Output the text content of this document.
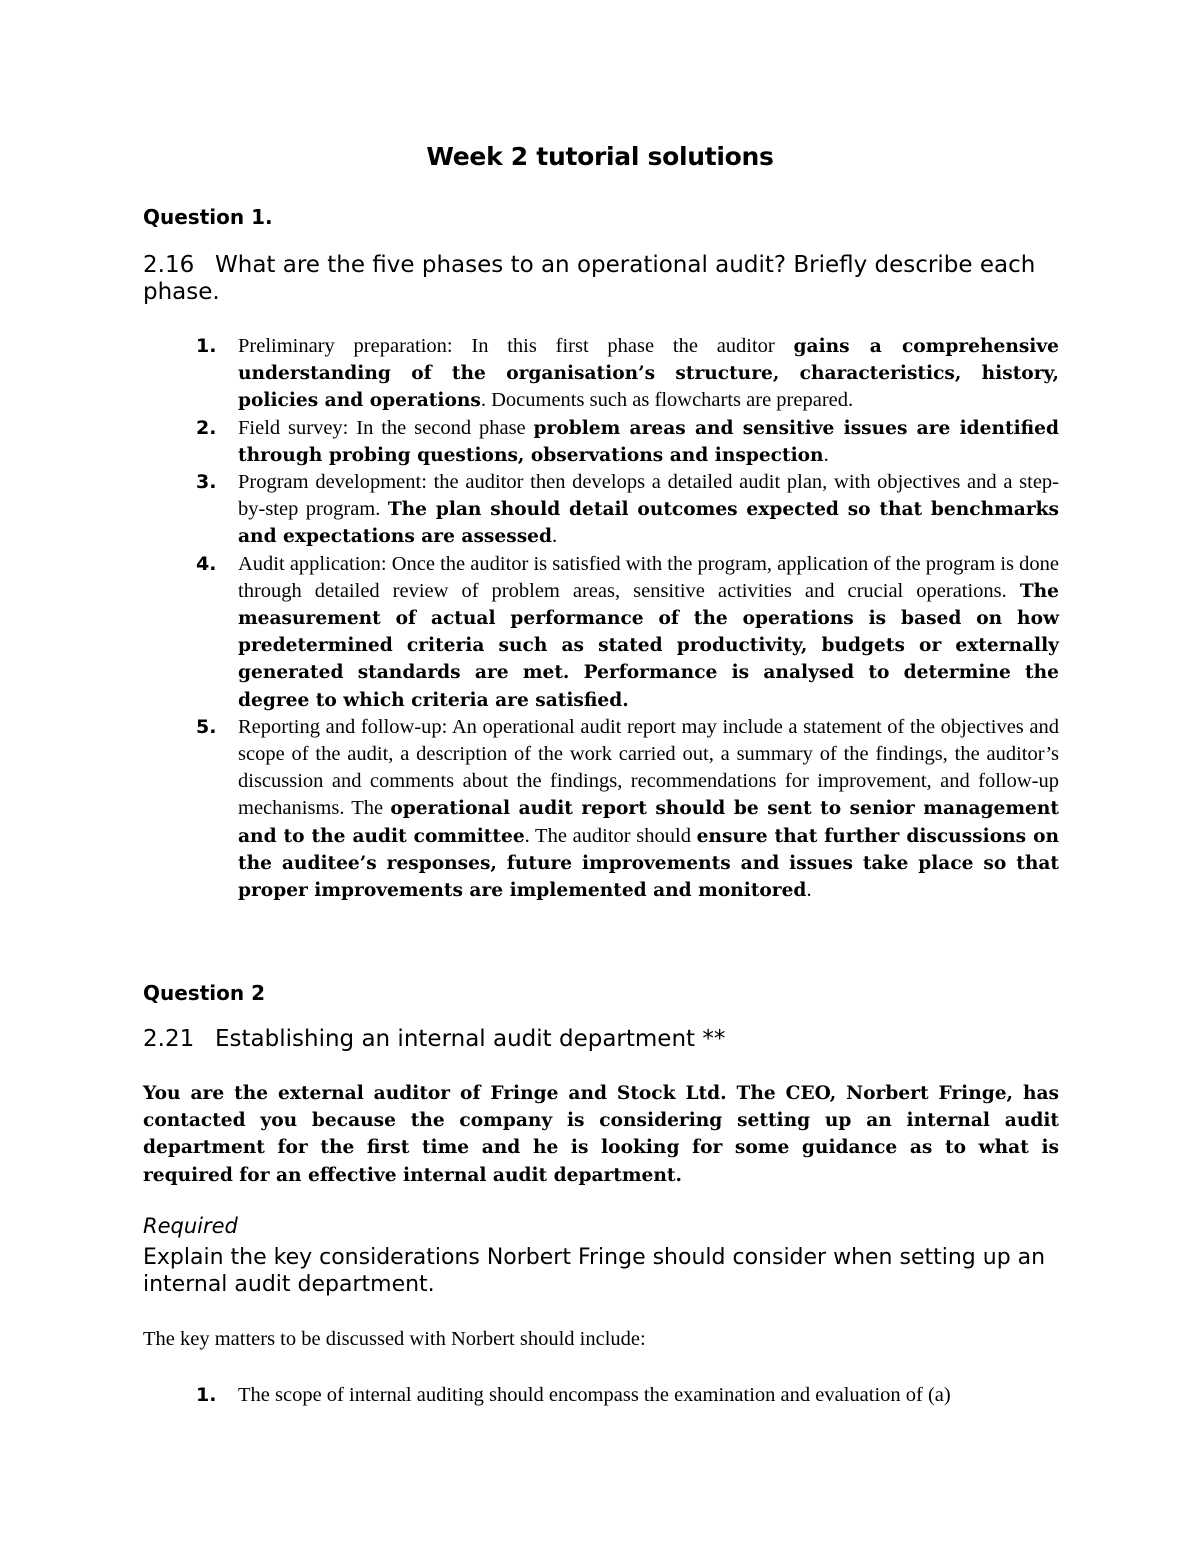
Week 2 tutorial solutions
Question 1.
2.16 What are the five phases to an operational audit? Briefly describe each phase.
1. Preliminary preparation: In this first phase the auditor gains a comprehensive understanding of the organisation’s structure, characteristics, history, policies and operations. Documents such as flowcharts are prepared.
2. Field survey: In the second phase problem areas and sensitive issues are identified through probing questions, observations and inspection.
3. Program development: the auditor then develops a detailed audit plan, with objectives and a step-by-step program. The plan should detail outcomes expected so that benchmarks and expectations are assessed.
4. Audit application: Once the auditor is satisfied with the program, application of the program is done through detailed review of problem areas, sensitive activities and crucial operations. The measurement of actual performance of the operations is based on how predetermined criteria such as stated productivity, budgets or externally generated standards are met. Performance is analysed to determine the degree to which criteria are satisfied.
5. Reporting and follow-up: An operational audit report may include a statement of the objectives and scope of the audit, a description of the work carried out, a summary of the findings, the auditor’s discussion and comments about the findings, recommendations for improvement, and follow-up mechanisms. The operational audit report should be sent to senior management and to the audit committee. The auditor should ensure that further discussions on the auditee’s responses, future improvements and issues take place so that proper improvements are implemented and monitored.
Question 2
2.21 Establishing an internal audit department **
You are the external auditor of Fringe and Stock Ltd. The CEO, Norbert Fringe, has contacted you because the company is considering setting up an internal audit department for the first time and he is looking for some guidance as to what is required for an effective internal audit department.
Required
Explain the key considerations Norbert Fringe should consider when setting up an internal audit department.
The key matters to be discussed with Norbert should include:
1. The scope of internal auditing should encompass the examination and evaluation of (a)
